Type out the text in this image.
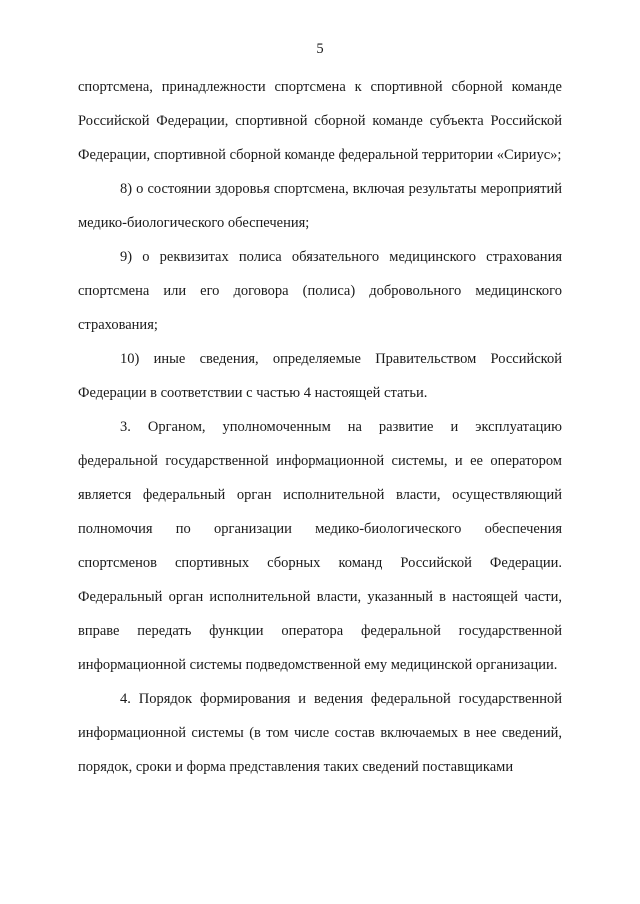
5

спортсмена, принадлежности спортсмена к спортивной сборной команде Российской Федерации, спортивной сборной команде субъекта Российской Федерации, спортивной сборной команде федеральной территории «Сириус»;

8) о состоянии здоровья спортсмена, включая результаты мероприятий медико-биологического обеспечения;

9) о реквизитах полиса обязательного медицинского страхования спортсмена или его договора (полиса) добровольного медицинского страхования;

10) иные сведения, определяемые Правительством Российской Федерации в соответствии с частью 4 настоящей статьи.

3. Органом, уполномоченным на развитие и эксплуатацию федеральной государственной информационной системы, и ее оператором является федеральный орган исполнительной власти, осуществляющий полномочия по организации медико-биологического обеспечения спортсменов спортивных сборных команд Российской Федерации. Федеральный орган исполнительной власти, указанный в настоящей части, вправе передать функции оператора федеральной государственной информационной системы подведомственной ему медицинской организации.

4. Порядок формирования и ведения федеральной государственной информационной системы (в том числе состав включаемых в нее сведений, порядок, сроки и форма представления таких сведений поставщиками
